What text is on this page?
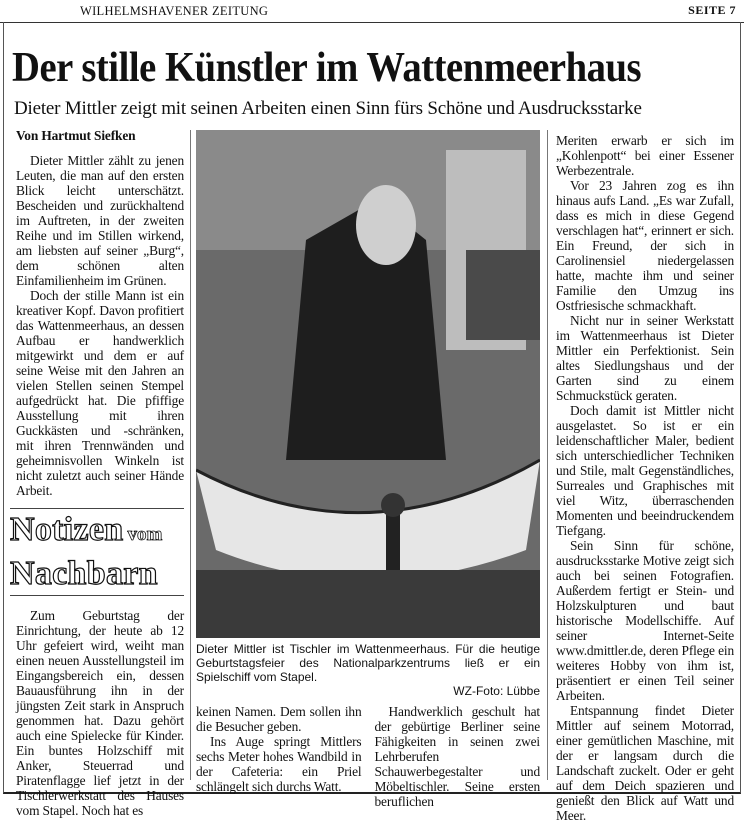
WILHELMSHAVENER ZEITUNG	SEITE 7
Der stille Künstler im Wattenmeerhaus
Dieter Mittler zeigt mit seinen Arbeiten einen Sinn fürs Schöne und Ausdrucksstarke

Von Hartmut Siefken

Dieter Mittler zählt zu jenen Leuten, die man auf den ersten Blick leicht unterschätzt. Bescheiden und zurückhaltend im Auftreten, in der zweiten Reihe und im Stillen wirkend, am liebsten auf seiner „Burg“, dem schönen alten Einfamilienheim im Grünen.

Doch der stille Mann ist ein kreativer Kopf. Davon profitiert das Wattenmeerhaus, an dessen Aufbau er handwerklich mitgewirkt und dem er auf seine Weise mit den Jahren an vielen Stellen seinen Stempel aufgedrückt hat. Die pfiffige Ausstellung mit ihren Guckkästen und -schränken, mit ihren Trennwänden und geheimnisvollen Winkeln ist nicht zuletzt auch seiner Hände Arbeit.

Notizen vom
Nachbarn

Zum Geburtstag der Einrichtung, der heute ab 12 Uhr gefeiert wird, weiht man einen neuen Ausstellungsteil im Eingangsbereich ein, dessen Bauausführung ihn in der jüngsten Zeit stark in Anspruch genommen hat. Dazu gehört auch eine Spielecke für Kinder. Ein buntes Holzschiff mit Anker, Steuerrad und Piratenflagge lief jetzt in der Tischlerwerkstatt des Hauses vom Stapel. Noch hat es

Dieter Mittler ist Tischler im Wattenmeerhaus. Für die heutige Geburtstagsfeier des Nationalparkzentrums ließ er ein Spielschiff vom Stapel.
WZ-Foto: Lübbe

keinen Namen. Dem sollen ihn die Besucher geben.

Ins Auge springt Mittlers sechs Meter hohes Wandbild in der Cafeteria: ein Priel schlängelt sich durchs Watt.

Handwerklich geschult hat der gebürtige Berliner seine Fähigkeiten in seinen zwei Lehrberufen Schauwerbegestalter und Möbeltischler. Seine ersten beruflichen

Meriten erwarb er sich im „Kohlenpott“ bei einer Essener Werbezentrale.

Vor 23 Jahren zog es ihn hinaus aufs Land. „Es war Zufall, dass es mich in diese Gegend verschlagen hat“, erinnert er sich. Ein Freund, der sich in Carolinensiel niedergelassen hatte, machte ihm und seiner Familie den Umzug ins Ostfriesische schmackhaft.

Nicht nur in seiner Werkstatt im Wattenmeerhaus ist Dieter Mittler ein Perfektionist. Sein altes Siedlungshaus und der Garten sind zu einem Schmuckstück geraten.

Doch damit ist Mittler nicht ausgelastet. So ist er ein leidenschaftlicher Maler, bedient sich unterschiedlicher Techniken und Stile, malt Gegenständliches, Surreales und Graphisches mit viel Witz, überraschenden Momenten und beeindruckendem Tiefgang.

Sein Sinn für schöne, ausdrucksstarke Motive zeigt sich auch bei seinen Fotografien. Außerdem fertigt er Stein- und Holzskulpturen und baut historische Modellschiffe. Auf seiner Internet-Seite www.dmittler.de, deren Pflege ein weiteres Hobby von ihm ist, präsentiert er einen Teil seiner Arbeiten.

Entspannung findet Dieter Mittler auf seinem Motorrad, einer gemütlichen Maschine, mit der er langsam durch die Landschaft zuckelt. Oder er geht auf dem Deich spazieren und genießt den Blick auf Watt und Meer.
